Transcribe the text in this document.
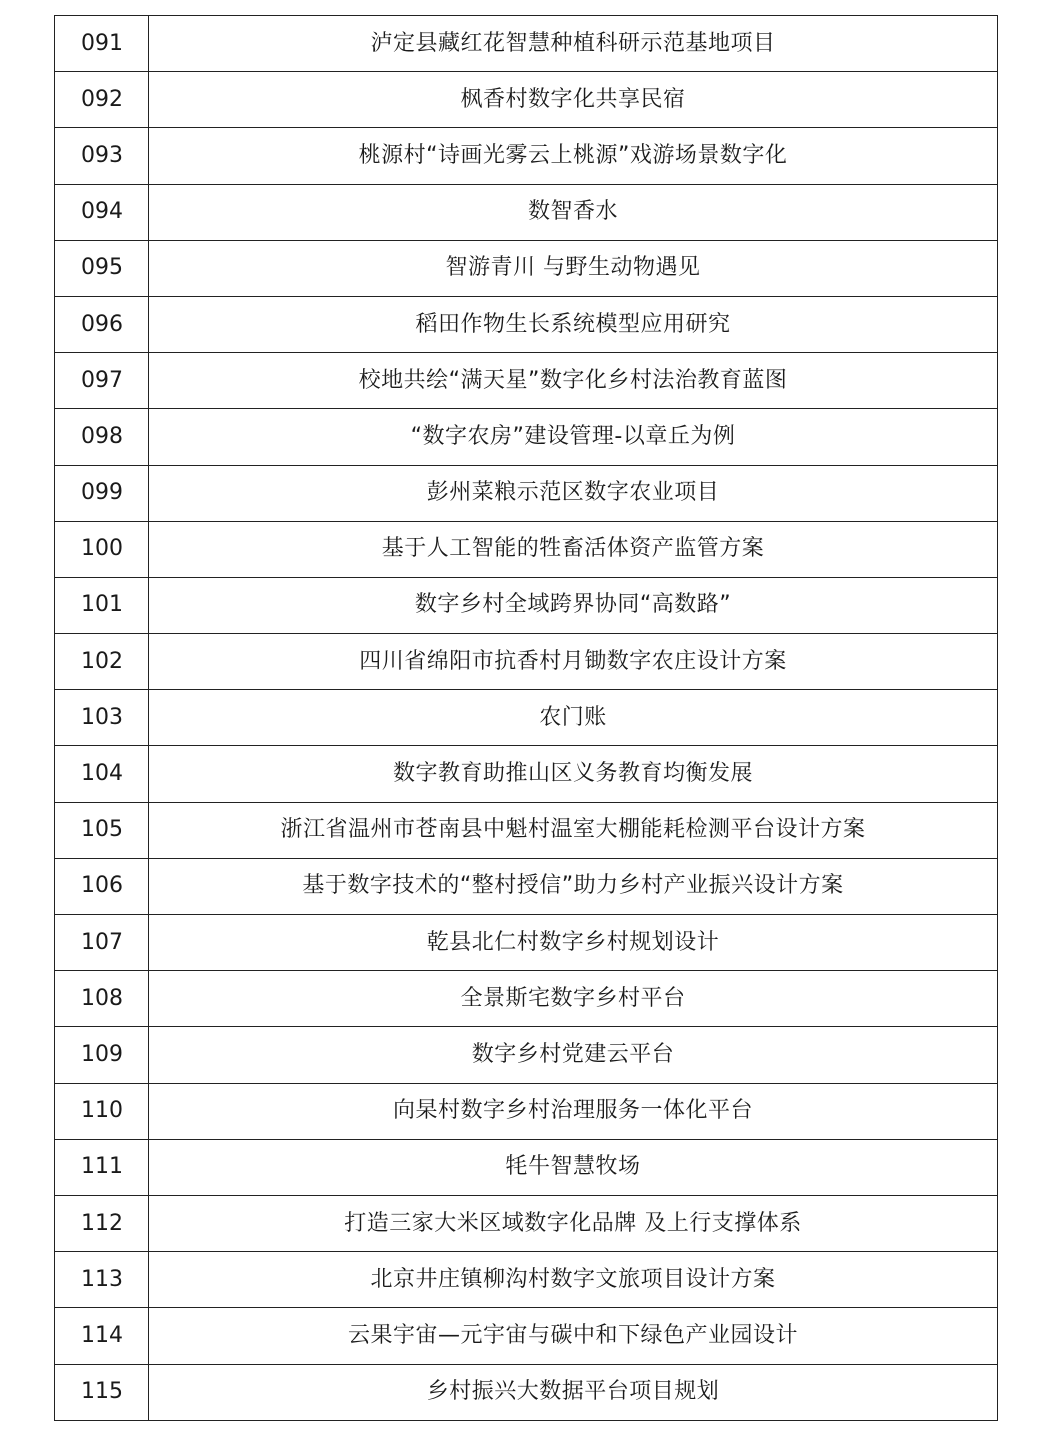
091	泸定县藏红花智慧种植科研示范基地项目
092	枫香村数字化共享民宿
093	桃源村“诗画光雾云上桃源”戏游场景数字化
094	数智香水
095	智游青川 与野生动物遇见
096	稻田作物生长系统模型应用研究
097	校地共绘“满天星”数字化乡村法治教育蓝图
098	“数字农房”建设管理-以章丘为例
099	彭州菜粮示范区数字农业项目
100	基于人工智能的牲畜活体资产监管方案
101	数字乡村全域跨界协同“高数路”
102	四川省绵阳市抗香村月锄数字农庄设计方案
103	农门账
104	数字教育助推山区义务教育均衡发展
105	浙江省温州市苍南县中魁村温室大棚能耗检测平台设计方案
106	基于数字技术的“整村授信”助力乡村产业振兴设计方案
107	乾县北仁村数字乡村规划设计
108	全景斯宅数字乡村平台
109	数字乡村党建云平台
110	向杲村数字乡村治理服务一体化平台
111	牦牛智慧牧场
112	打造三家大米区域数字化品牌 及上行支撑体系
113	北京井庄镇柳沟村数字文旅项目设计方案
114	云果宇宙—元宇宙与碳中和下绿色产业园设计
115	乡村振兴大数据平台项目规划
